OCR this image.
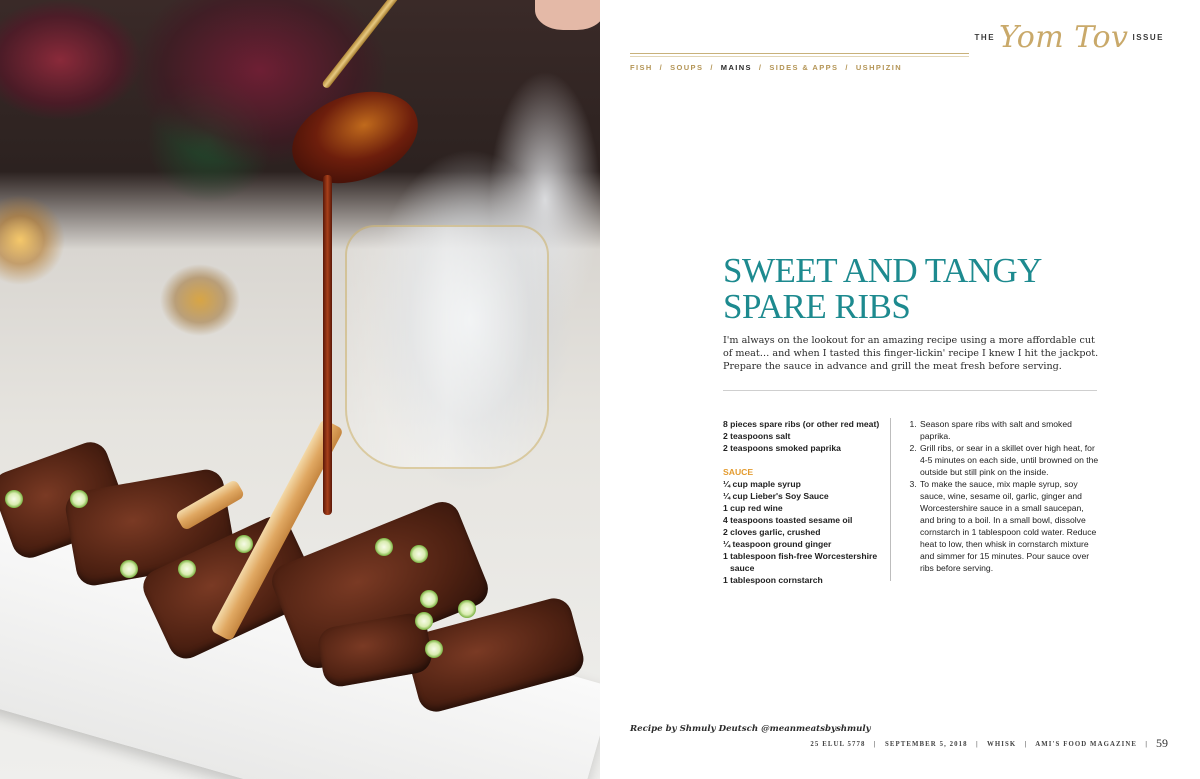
THE Yom Tov ISSUE
FISH / SOUPS / MAINS / SIDES & APPS / USHPIZIN
SWEET AND TANGY
SPARE RIBS
I'm always on the lookout for an amazing recipe using a more affordable cut of meat… and when I tasted this finger-lickin' recipe I knew I hit the jackpot. Prepare the sauce in advance and grill the meat fresh before serving.
8 pieces spare ribs (or other red meat)
2 teaspoons salt
2 teaspoons smoked paprika
SAUCE
¼ cup maple syrup
¼ cup Lieber's Soy Sauce
1 cup red wine
4 teaspoons toasted sesame oil
2 cloves garlic, crushed
¼ teaspoon ground ginger
1 tablespoon fish-free Worcestershire
sauce
1 tablespoon cornstarch
1. Season spare ribs with salt and smoked paprika.
2. Grill ribs, or sear in a skillet over high heat, for 4-5 minutes on each side, until browned on the outside but still pink on the inside.
3. To make the sauce, mix maple syrup, soy sauce, wine, sesame oil, garlic, ginger and Worcestershire sauce in a small saucepan, and bring to a boil. In a small bowl, dissolve cornstarch in 1 tablespoon cold water. Reduce heat to low, then whisk in cornstarch mixture and simmer for 15 minutes. Pour sauce over ribs before serving.
Recipe by Shmuly Deutsch @meanmeatsbyshmuly
25 ELUL 5778   |   SEPTEMBER 5, 2018   |   WHISK   |   AMI'S FOOD MAGAZINE   | 59
